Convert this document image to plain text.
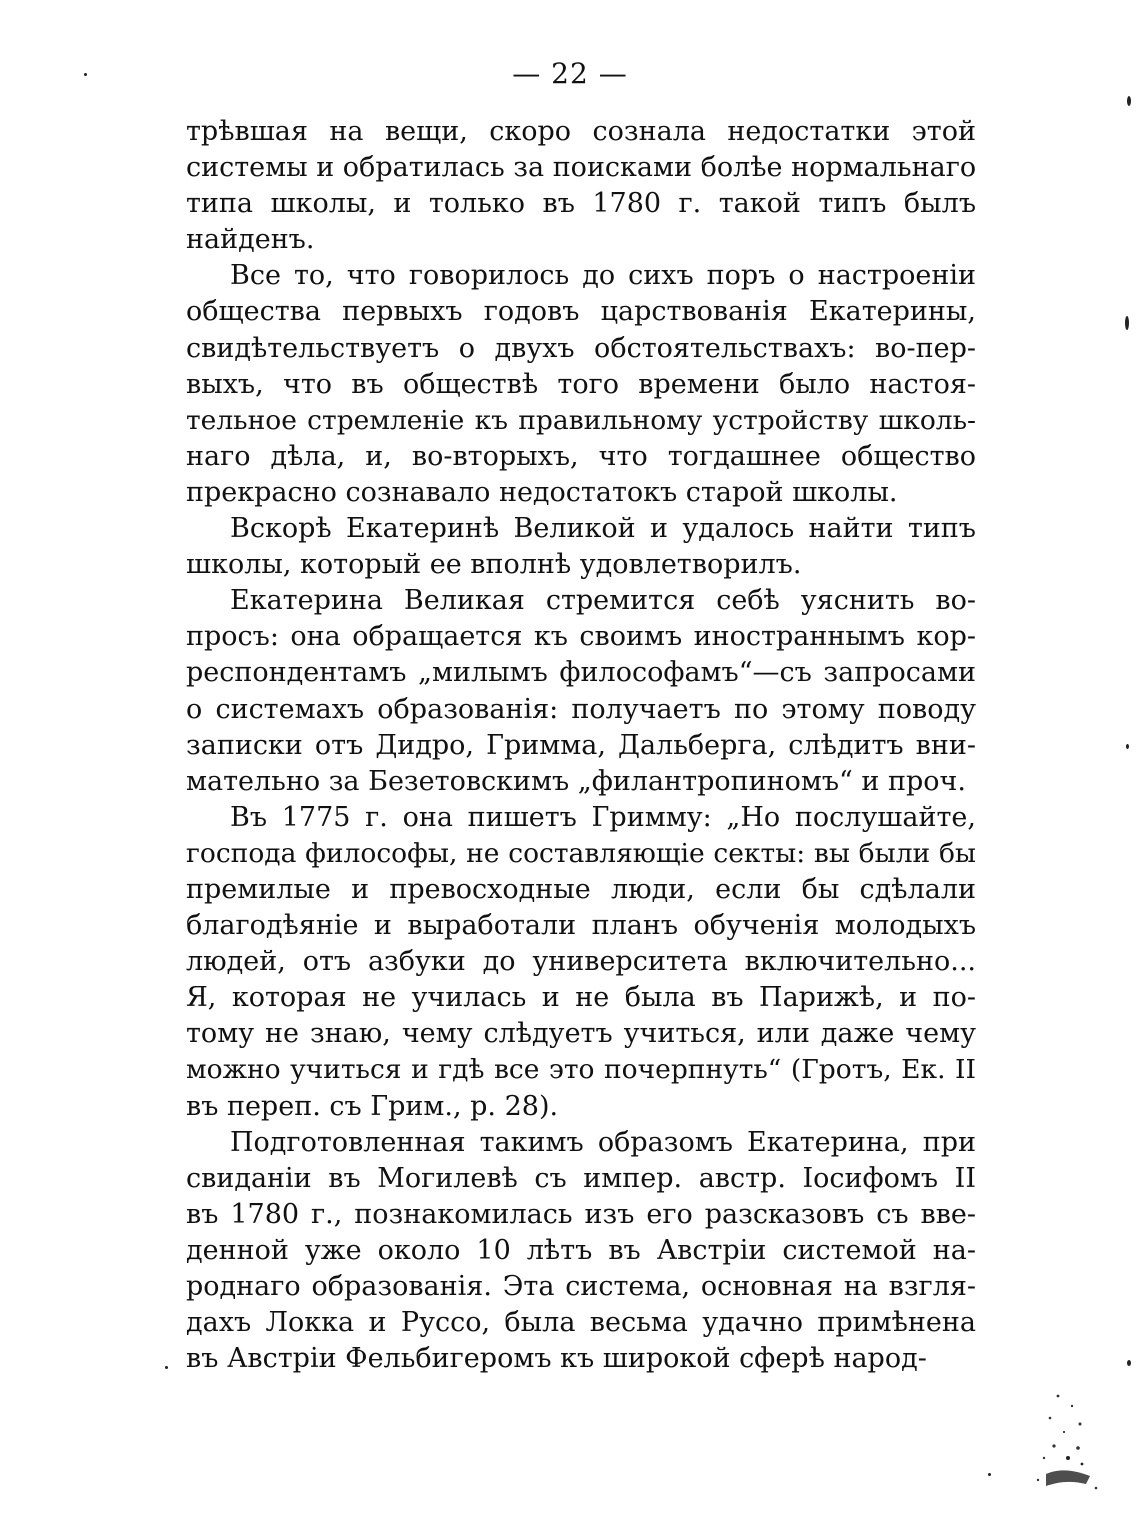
— 22 —
трѣвшая на вещи, скоро сознала недостатки этой
системы и обратилась за поисками болѣе нормальнаго
типа школы, и только въ 1780 г. такой типъ былъ
найденъ.
Все то, что говорилось до сихъ поръ о настроеніи
общества первыхъ годовъ царствованія Екатерины,
свидѣтельствуетъ о двухъ обстоятельствахъ: во-пер-
выхъ, что въ обществѣ того времени было настоя-
тельное стремленіе къ правильному устройству школь-
наго дѣла, и, во-вторыхъ, что тогдашнее общество
прекрасно сознавало недостатокъ старой школы.
Вскорѣ Екатеринѣ Великой и удалось найти типъ
школы, который ее вполнѣ удовлетворилъ.
Екатерина Великая стремится себѣ уяснить во-
просъ: она обращается къ своимъ иностраннымъ кор-
респондентамъ „милымъ философамъ“—съ запросами
о системахъ образованія: получаетъ по этому поводу
записки отъ Дидро, Гримма, Дальберга, слѣдитъ вни-
мательно за Безетовскимъ „филантропиномъ“ и проч.
Въ 1775 г. она пишетъ Гримму: „Но послушайте,
господа философы, не составляющіе секты: вы были бы
премилые и превосходные люди, если бы сдѣлали
благодѣяніе и выработали планъ обученія молодыхъ
людей, отъ азбуки до университета включительно...
Я, которая не училась и не была въ Парижѣ, и по-
тому не знаю, чему слѣдуетъ учиться, или даже чему
можно учиться и гдѣ все это почерпнуть“ (Гротъ, Ек. II
въ переп. съ Грим., р. 28).
Подготовленная такимъ образомъ Екатерина, при
свиданіи въ Могилевѣ съ импер. австр. Іосифомъ II
въ 1780 г., познакомилась изъ его разсказовъ съ вве-
денной уже около 10 лѣтъ въ Австріи системой на-
роднаго образованія. Эта система, основная на взгля-
дахъ Локка и Руссо, была весьма удачно примѣнена
въ Австріи Фельбигеромъ къ широкой сферѣ народ-
